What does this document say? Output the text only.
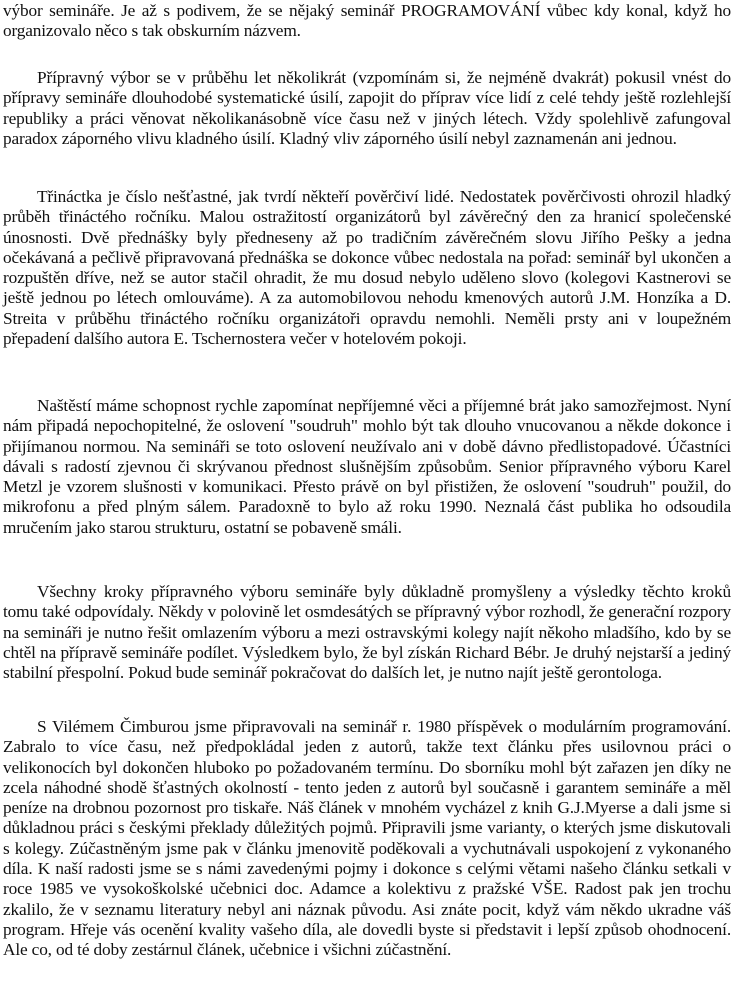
výbor semináře. Je až s podivem, že se nějaký seminář PROGRAMOVÁNÍ vůbec kdy konal, když ho organizovalo něco s tak obskurním názvem.

Přípravný výbor se v průběhu let několikrát (vzpomínám si, že nejméně dvakrát) pokusil vnést do přípravy semináře dlouhodobé systematické úsilí, zapojit do příprav více lidí z celé tehdy ještě rozlehlejší republiky a práci věnovat několikanásobně více času než v jiných létech. Vždy spolehlivě zafungoval paradox záporného vlivu kladného úsilí. Kladný vliv záporného úsilí nebyl zaznamenán ani jednou.

Třináctka je číslo nešťastné, jak tvrdí někteří pověrčiví lidé. Nedostatek pověrčivosti ohrozil hladký průběh třináctého ročníku. Malou ostražitostí organizátorů byl závěrečný den za hranicí společenské únosnosti. Dvě přednášky byly předneseny až po tradičním závěrečném slovu Jiřího Pešky a jedna očekávaná a pečlivě připravovaná přednáška se dokonce vůbec nedostala na pořad: seminář byl ukončen a rozpuštěn dříve, než se autor stačil ohradit, že mu dosud nebylo uděleno slovo (kolegovi Kastnerovi se ještě jednou po létech omlouváme). A za automobilovou nehodu kmenových autorů J.M. Honzíka a D. Streita v průběhu třináctého ročníku organizátoři opravdu nemohli. Neměli prsty ani v loupežném přepadení dalšího autora E. Tschernostera večer v hotelovém pokoji.

Naštěstí máme schopnost rychle zapomínat nepříjemné věci a příjemné brát jako samozřejmost. Nyní nám připadá nepochopitelné, že oslovení "soudruh" mohlo být tak dlouho vnucovanou a někde dokonce i přijímanou normou. Na semináři se toto oslovení neužívalo ani v době dávno předlistopadové. Účastníci dávali s radostí zjevnou či skrývanou přednost slušnějším způsobům. Senior přípravného výboru Karel Metzl je vzorem slušnosti v komunikaci. Přesto právě on byl přistižen, že oslovení "soudruh" použil, do mikrofonu a před plným sálem. Paradoxně to bylo až roku 1990. Neznalá část publika ho odsoudila mručením jako starou strukturu, ostatní se pobaveně smáli.

Všechny kroky přípravného výboru semináře byly důkladně promyšleny a výsledky těchto kroků tomu také odpovídaly. Někdy v polovině let osmdesátých se přípravný výbor rozhodl, že generační rozpory na semináři je nutno řešit omlazením výboru a mezi ostravskými kolegy najít někoho mladšího, kdo by se chtěl na přípravě semináře podílet. Výsledkem bylo, že byl získán Richard Bébr. Je druhý nejstarší a jediný stabilní přespolní. Pokud bude seminář pokračovat do dalších let, je nutno najít ještě gerontologa.

S Vilémem Čimburou jsme připravovali na seminář r. 1980 příspěvek o modulárním programování. Zabralo to více času, než předpokládal jeden z autorů, takže text článku přes usilovnou práci o velikonocích byl dokončen hluboko po požadovaném termínu. Do sborníku mohl být zařazen jen díky ne zcela náhodné shodě šťastných okolností - tento jeden z autorů byl současně i garantem semináře a měl peníze na drobnou pozornost pro tiskaře. Náš článek v mnohém vycházel z knih G.J.Myerse a dali jsme si důkladnou práci s českými překlady důležitých pojmů. Připravili jsme varianty, o kterých jsme diskutovali s kolegy. Zúčastněným jsme pak v článku jmenovitě poděkovali a vychutnávali uspokojení z vykonaného díla. K naší radosti jsme se s námi zavedenými pojmy i dokonce s celými větami našeho článku setkali v roce 1985 ve vysokoškolské učebnici doc. Adamce a kolektivu z pražské VŠE. Radost pak jen trochu zkalilo, že v seznamu literatury nebyl ani náznak původu. Asi znáte pocit, když vám někdo ukradne váš program. Hřeje vás ocenění kvality vašeho díla, ale dovedli byste si představit i lepší způsob ohodnocení. Ale co, od té doby zestárnul článek, učebnice i všichni zúčastnění.
